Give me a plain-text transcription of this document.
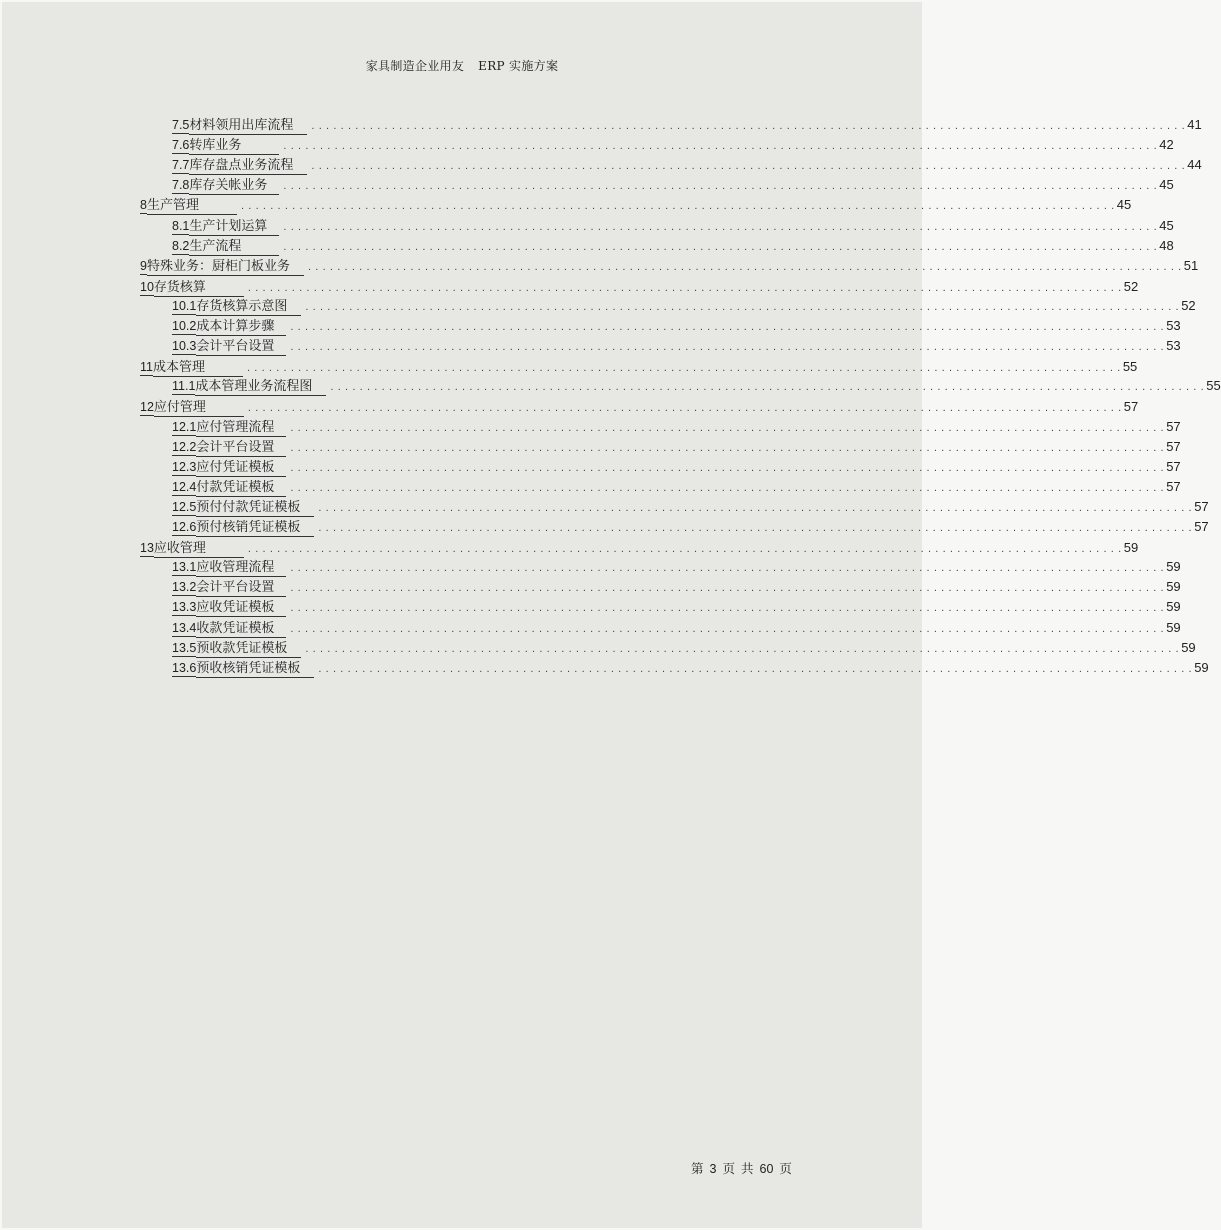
家具制造企业用友 ERP 实施方案
7.5 材料领用出库流程	. . . . . . . . . . . . . . . . . . . . . . . . . . . . . . . . . . . . . . . . . . . . . . . . . . . . . . . . . . . . . . . . . . . . . . . . . . . . . . . . . . . . . . . . . . . . . . . . . . . . . . . . . . . . . . . . . . . . . . . . 41
7.6 转库业务	. . . . . . . . . . . . . . . . . . . . . . . . . . . . . . . . . . . . . . . . . . . . . . . . . . . . . . . . . . . . . . . . . . . . . . . . . . . . . . . . . . . . . . . . . . . . . . . . . . . . . . . . . . . . . . . . . . . . . . . . 42
7.7 库存盘点业务流程	. . . . . . . . . . . . . . . . . . . . . . . . . . . . . . . . . . . . . . . . . . . . . . . . . . . . . . . . . . . . . . . . . . . . . . . . . . . . . . . . . . . . . . . . . . . . . . . . . . . . . . . . . . . . . . . . . . . . . . . . 44
7.8 库存关帐业务	. . . . . . . . . . . . . . . . . . . . . . . . . . . . . . . . . . . . . . . . . . . . . . . . . . . . . . . . . . . . . . . . . . . . . . . . . . . . . . . . . . . . . . . . . . . . . . . . . . . . . . . . . . . . . . . . . . . . . . . . 45
8 生产管理	. . . . . . . . . . . . . . . . . . . . . . . . . . . . . . . . . . . . . . . . . . . . . . . . . . . . . . . . . . . . . . . . . . . . . . . . . . . . . . . . . . . . . . . . . . . . . . . . . . . . . . . . . . . . . . . . . . . . . . . . 45
8.1 生产计划运算	. . . . . . . . . . . . . . . . . . . . . . . . . . . . . . . . . . . . . . . . . . . . . . . . . . . . . . . . . . . . . . . . . . . . . . . . . . . . . . . . . . . . . . . . . . . . . . . . . . . . . . . . . . . . . . . . . . . . . . . . 45
8.2 生产流程	. . . . . . . . . . . . . . . . . . . . . . . . . . . . . . . . . . . . . . . . . . . . . . . . . . . . . . . . . . . . . . . . . . . . . . . . . . . . . . . . . . . . . . . . . . . . . . . . . . . . . . . . . . . . . . . . . . . . . . . . 48
9 特殊业务：厨柜门板业务	. . . . . . . . . . . . . . . . . . . . . . . . . . . . . . . . . . . . . . . . . . . . . . . . . . . . . . . . . . . . . . . . . . . . . . . . . . . . . . . . . . . . . . . . . . . . . . . . . . . . . . . . . . . . . . . . . . . . . . . . 51
10 存货核算	. . . . . . . . . . . . . . . . . . . . . . . . . . . . . . . . . . . . . . . . . . . . . . . . . . . . . . . . . . . . . . . . . . . . . . . . . . . . . . . . . . . . . . . . . . . . . . . . . . . . . . . . . . . . . . . . . . . . . . . . 52
10.1 存货核算示意图	. . . . . . . . . . . . . . . . . . . . . . . . . . . . . . . . . . . . . . . . . . . . . . . . . . . . . . . . . . . . . . . . . . . . . . . . . . . . . . . . . . . . . . . . . . . . . . . . . . . . . . . . . . . . . . . . . . . . . . . . 52
10.2 成本计算步骤	. . . . . . . . . . . . . . . . . . . . . . . . . . . . . . . . . . . . . . . . . . . . . . . . . . . . . . . . . . . . . . . . . . . . . . . . . . . . . . . . . . . . . . . . . . . . . . . . . . . . . . . . . . . . . . . . . . . . . . . . 53
10.3 会计平台设置	. . . . . . . . . . . . . . . . . . . . . . . . . . . . . . . . . . . . . . . . . . . . . . . . . . . . . . . . . . . . . . . . . . . . . . . . . . . . . . . . . . . . . . . . . . . . . . . . . . . . . . . . . . . . . . . . . . . . . . . . 53
11 成本管理	. . . . . . . . . . . . . . . . . . . . . . . . . . . . . . . . . . . . . . . . . . . . . . . . . . . . . . . . . . . . . . . . . . . . . . . . . . . . . . . . . . . . . . . . . . . . . . . . . . . . . . . . . . . . . . . . . . . . . . . . 55
11.1 成本管理业务流程图	. . . . . . . . . . . . . . . . . . . . . . . . . . . . . . . . . . . . . . . . . . . . . . . . . . . . . . . . . . . . . . . . . . . . . . . . . . . . . . . . . . . . . . . . . . . . . . . . . . . . . . . . . . . . . . . . . . . . . . . . 55
12 应付管理	. . . . . . . . . . . . . . . . . . . . . . . . . . . . . . . . . . . . . . . . . . . . . . . . . . . . . . . . . . . . . . . . . . . . . . . . . . . . . . . . . . . . . . . . . . . . . . . . . . . . . . . . . . . . . . . . . . . . . . . . 57
12.1 应付管理流程	. . . . . . . . . . . . . . . . . . . . . . . . . . . . . . . . . . . . . . . . . . . . . . . . . . . . . . . . . . . . . . . . . . . . . . . . . . . . . . . . . . . . . . . . . . . . . . . . . . . . . . . . . . . . . . . . . . . . . . . . 57
12.2 会计平台设置	. . . . . . . . . . . . . . . . . . . . . . . . . . . . . . . . . . . . . . . . . . . . . . . . . . . . . . . . . . . . . . . . . . . . . . . . . . . . . . . . . . . . . . . . . . . . . . . . . . . . . . . . . . . . . . . . . . . . . . . . 57
12.3 应付凭证模板	. . . . . . . . . . . . . . . . . . . . . . . . . . . . . . . . . . . . . . . . . . . . . . . . . . . . . . . . . . . . . . . . . . . . . . . . . . . . . . . . . . . . . . . . . . . . . . . . . . . . . . . . . . . . . . . . . . . . . . . . 57
12.4 付款凭证模板	. . . . . . . . . . . . . . . . . . . . . . . . . . . . . . . . . . . . . . . . . . . . . . . . . . . . . . . . . . . . . . . . . . . . . . . . . . . . . . . . . . . . . . . . . . . . . . . . . . . . . . . . . . . . . . . . . . . . . . . . 57
12.5 预付付款凭证模板	. . . . . . . . . . . . . . . . . . . . . . . . . . . . . . . . . . . . . . . . . . . . . . . . . . . . . . . . . . . . . . . . . . . . . . . . . . . . . . . . . . . . . . . . . . . . . . . . . . . . . . . . . . . . . . . . . . . . . . . . 57
12.6 预付核销凭证模板	. . . . . . . . . . . . . . . . . . . . . . . . . . . . . . . . . . . . . . . . . . . . . . . . . . . . . . . . . . . . . . . . . . . . . . . . . . . . . . . . . . . . . . . . . . . . . . . . . . . . . . . . . . . . . . . . . . . . . . . . 57
13 应收管理	. . . . . . . . . . . . . . . . . . . . . . . . . . . . . . . . . . . . . . . . . . . . . . . . . . . . . . . . . . . . . . . . . . . . . . . . . . . . . . . . . . . . . . . . . . . . . . . . . . . . . . . . . . . . . . . . . . . . . . . . 59
13.1 应收管理流程	. . . . . . . . . . . . . . . . . . . . . . . . . . . . . . . . . . . . . . . . . . . . . . . . . . . . . . . . . . . . . . . . . . . . . . . . . . . . . . . . . . . . . . . . . . . . . . . . . . . . . . . . . . . . . . . . . . . . . . . . 59
13.2 会计平台设置	. . . . . . . . . . . . . . . . . . . . . . . . . . . . . . . . . . . . . . . . . . . . . . . . . . . . . . . . . . . . . . . . . . . . . . . . . . . . . . . . . . . . . . . . . . . . . . . . . . . . . . . . . . . . . . . . . . . . . . . . 59
13.3 应收凭证模板	. . . . . . . . . . . . . . . . . . . . . . . . . . . . . . . . . . . . . . . . . . . . . . . . . . . . . . . . . . . . . . . . . . . . . . . . . . . . . . . . . . . . . . . . . . . . . . . . . . . . . . . . . . . . . . . . . . . . . . . . 59
13.4 收款凭证模板	. . . . . . . . . . . . . . . . . . . . . . . . . . . . . . . . . . . . . . . . . . . . . . . . . . . . . . . . . . . . . . . . . . . . . . . . . . . . . . . . . . . . . . . . . . . . . . . . . . . . . . . . . . . . . . . . . . . . . . . . 59
13.5 预收款凭证模板	. . . . . . . . . . . . . . . . . . . . . . . . . . . . . . . . . . . . . . . . . . . . . . . . . . . . . . . . . . . . . . . . . . . . . . . . . . . . . . . . . . . . . . . . . . . . . . . . . . . . . . . . . . . . . . . . . . . . . . . . 59
13.6 预收核销凭证模板	. . . . . . . . . . . . . . . . . . . . . . . . . . . . . . . . . . . . . . . . . . . . . . . . . . . . . . . . . . . . . . . . . . . . . . . . . . . . . . . . . . . . . . . . . . . . . . . . . . . . . . . . . . . . . . . . . . . . . . . . 59
第 3 页 共 60 页
